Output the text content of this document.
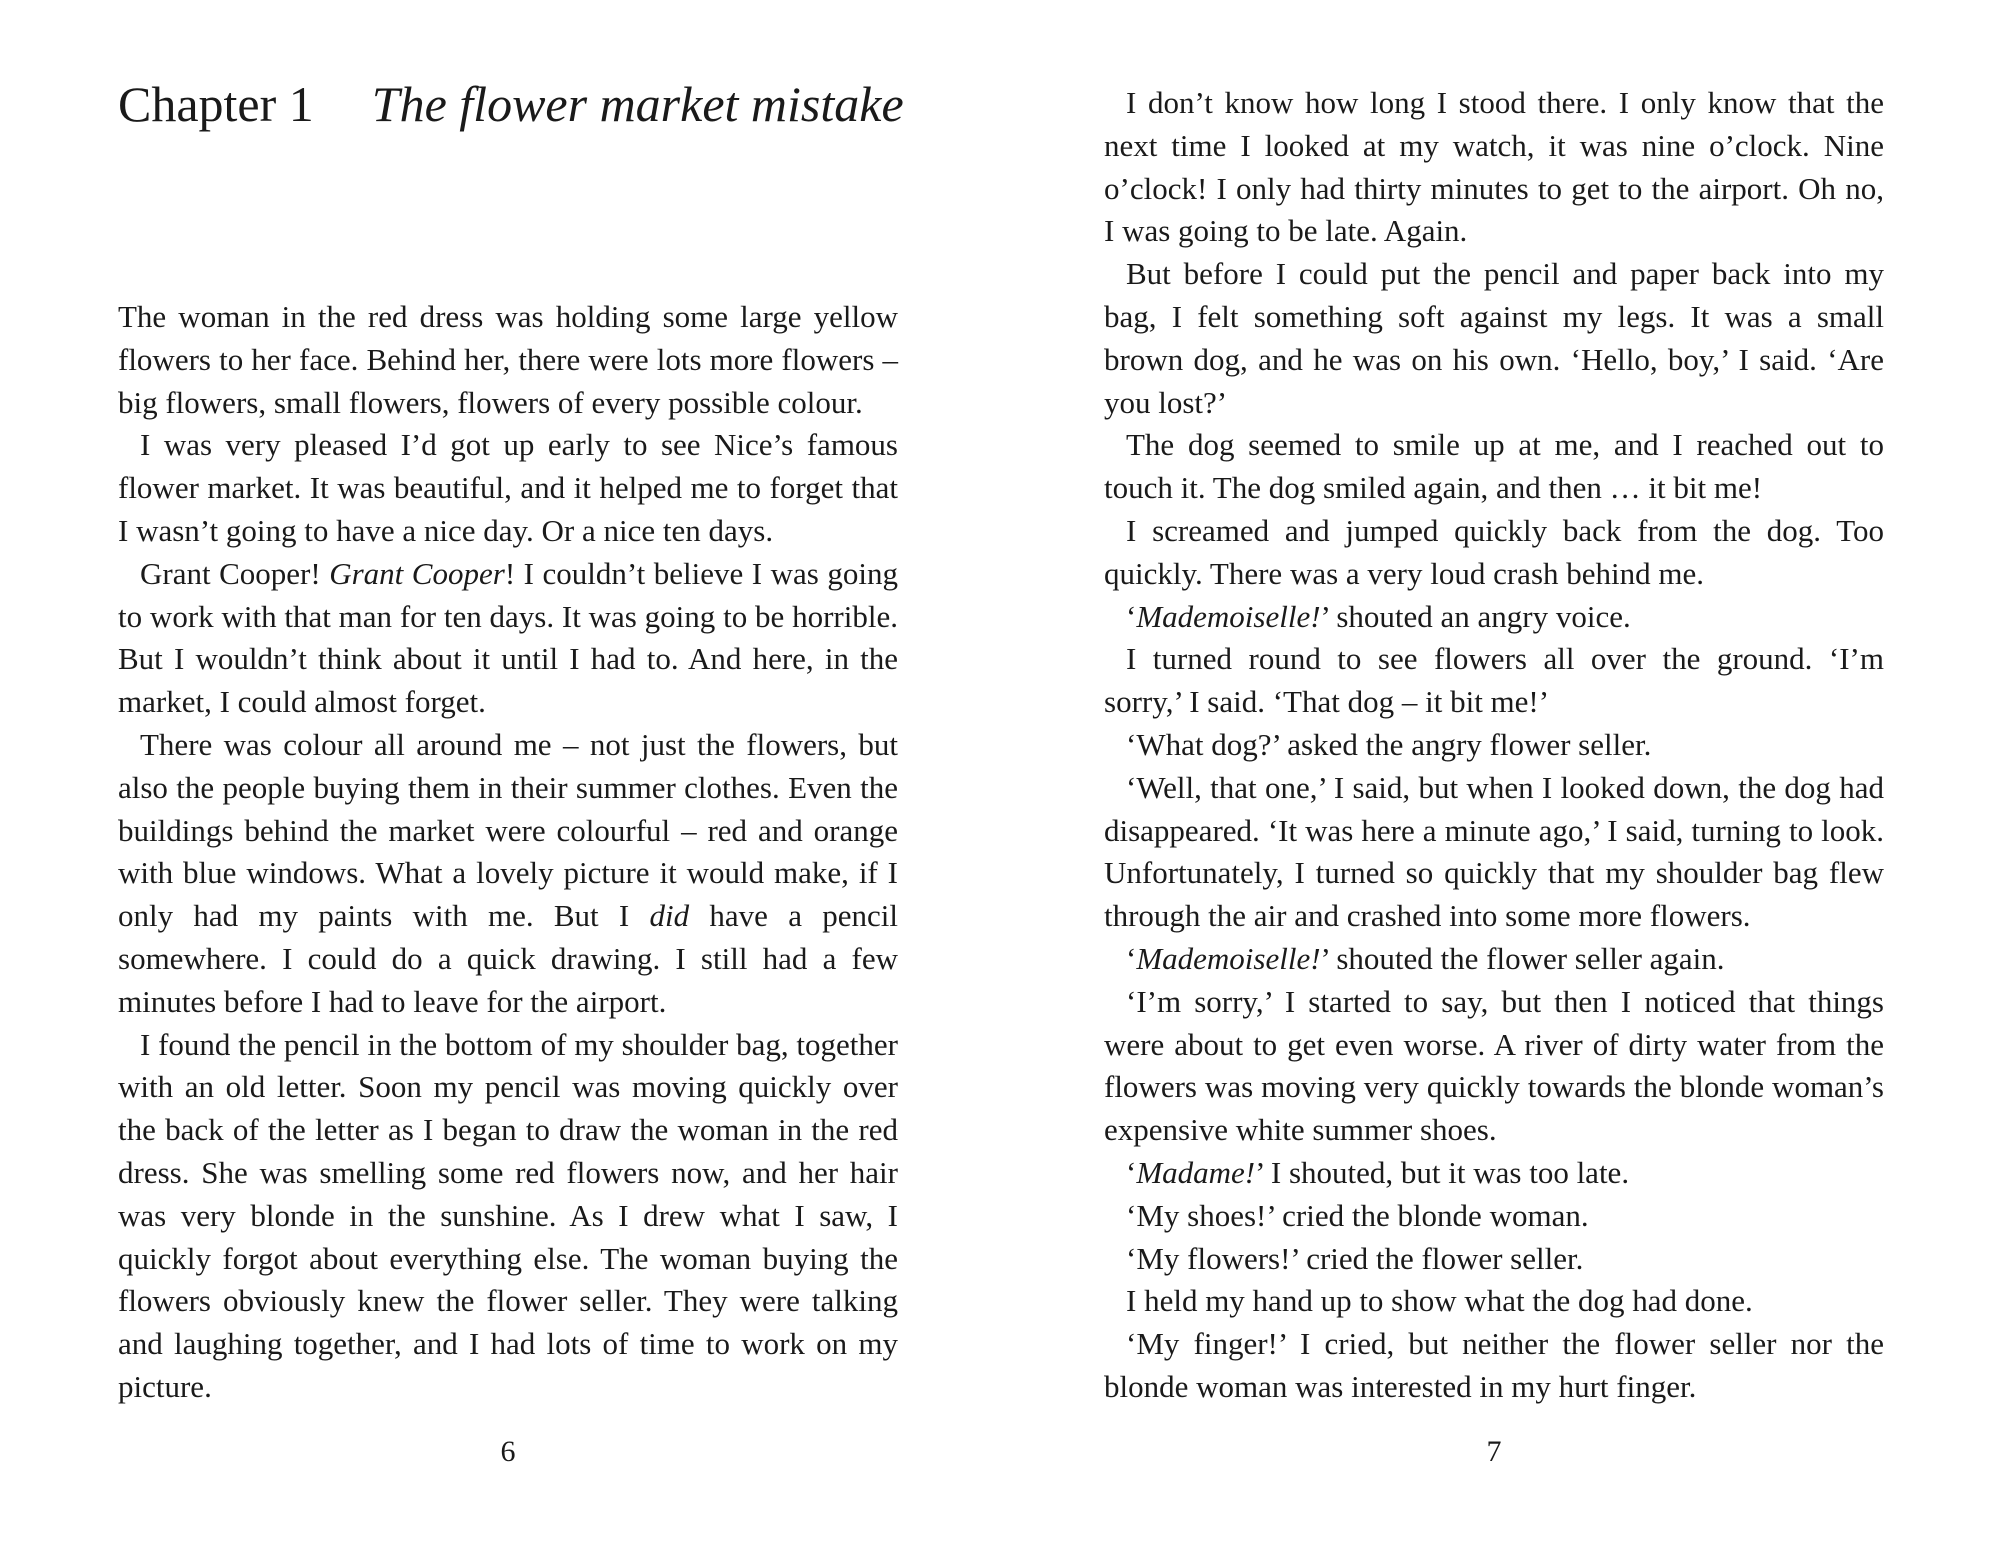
Chapter 1 The flower market mistake

The woman in the red dress was holding some large yellow flowers to her face. Behind her, there were lots more flowers – big flowers, small flowers, flowers of every possible colour.

I was very pleased I’d got up early to see Nice’s famous flower market. It was beautiful, and it helped me to forget that I wasn’t going to have a nice day. Or a nice ten days.

Grant Cooper! Grant Cooper! I couldn’t believe I was going to work with that man for ten days. It was going to be horrible. But I wouldn’t think about it until I had to. And here, in the market, I could almost forget.

There was colour all around me – not just the flowers, but also the people buying them in their summer clothes. Even the buildings behind the market were colourful – red and orange with blue windows. What a lovely picture it would make, if I only had my paints with me. But I did have a pencil somewhere. I could do a quick drawing. I still had a few minutes before I had to leave for the airport.

I found the pencil in the bottom of my shoulder bag, together with an old letter. Soon my pencil was moving quickly over the back of the letter as I began to draw the woman in the red dress. She was smelling some red flowers now, and her hair was very blonde in the sunshine. As I drew what I saw, I quickly forgot about everything else. The woman buying the flowers obviously knew the flower seller. They were talking and laughing together, and I had lots of time to work on my picture.

6

I don’t know how long I stood there. I only know that the next time I looked at my watch, it was nine o’clock. Nine o’clock! I only had thirty minutes to get to the airport. Oh no, I was going to be late. Again.

But before I could put the pencil and paper back into my bag, I felt something soft against my legs. It was a small brown dog, and he was on his own. ‘Hello, boy,’ I said. ‘Are you lost?’

The dog seemed to smile up at me, and I reached out to touch it. The dog smiled again, and then … it bit me!

I screamed and jumped quickly back from the dog. Too quickly. There was a very loud crash behind me.

‘Mademoiselle!’ shouted an angry voice.

I turned round to see flowers all over the ground. ‘I’m sorry,’ I said. ‘That dog – it bit me!’

‘What dog?’ asked the angry flower seller.

‘Well, that one,’ I said, but when I looked down, the dog had disappeared. ‘It was here a minute ago,’ I said, turning to look. Unfortunately, I turned so quickly that my shoulder bag flew through the air and crashed into some more flowers.

‘Mademoiselle!’ shouted the flower seller again.

‘I’m sorry,’ I started to say, but then I noticed that things were about to get even worse. A river of dirty water from the flowers was moving very quickly towards the blonde woman’s expensive white summer shoes.

‘Madame!’ I shouted, but it was too late.

‘My shoes!’ cried the blonde woman.

‘My flowers!’ cried the flower seller.

I held my hand up to show what the dog had done.

‘My finger!’ I cried, but neither the flower seller nor the blonde woman was interested in my hurt finger.

7
